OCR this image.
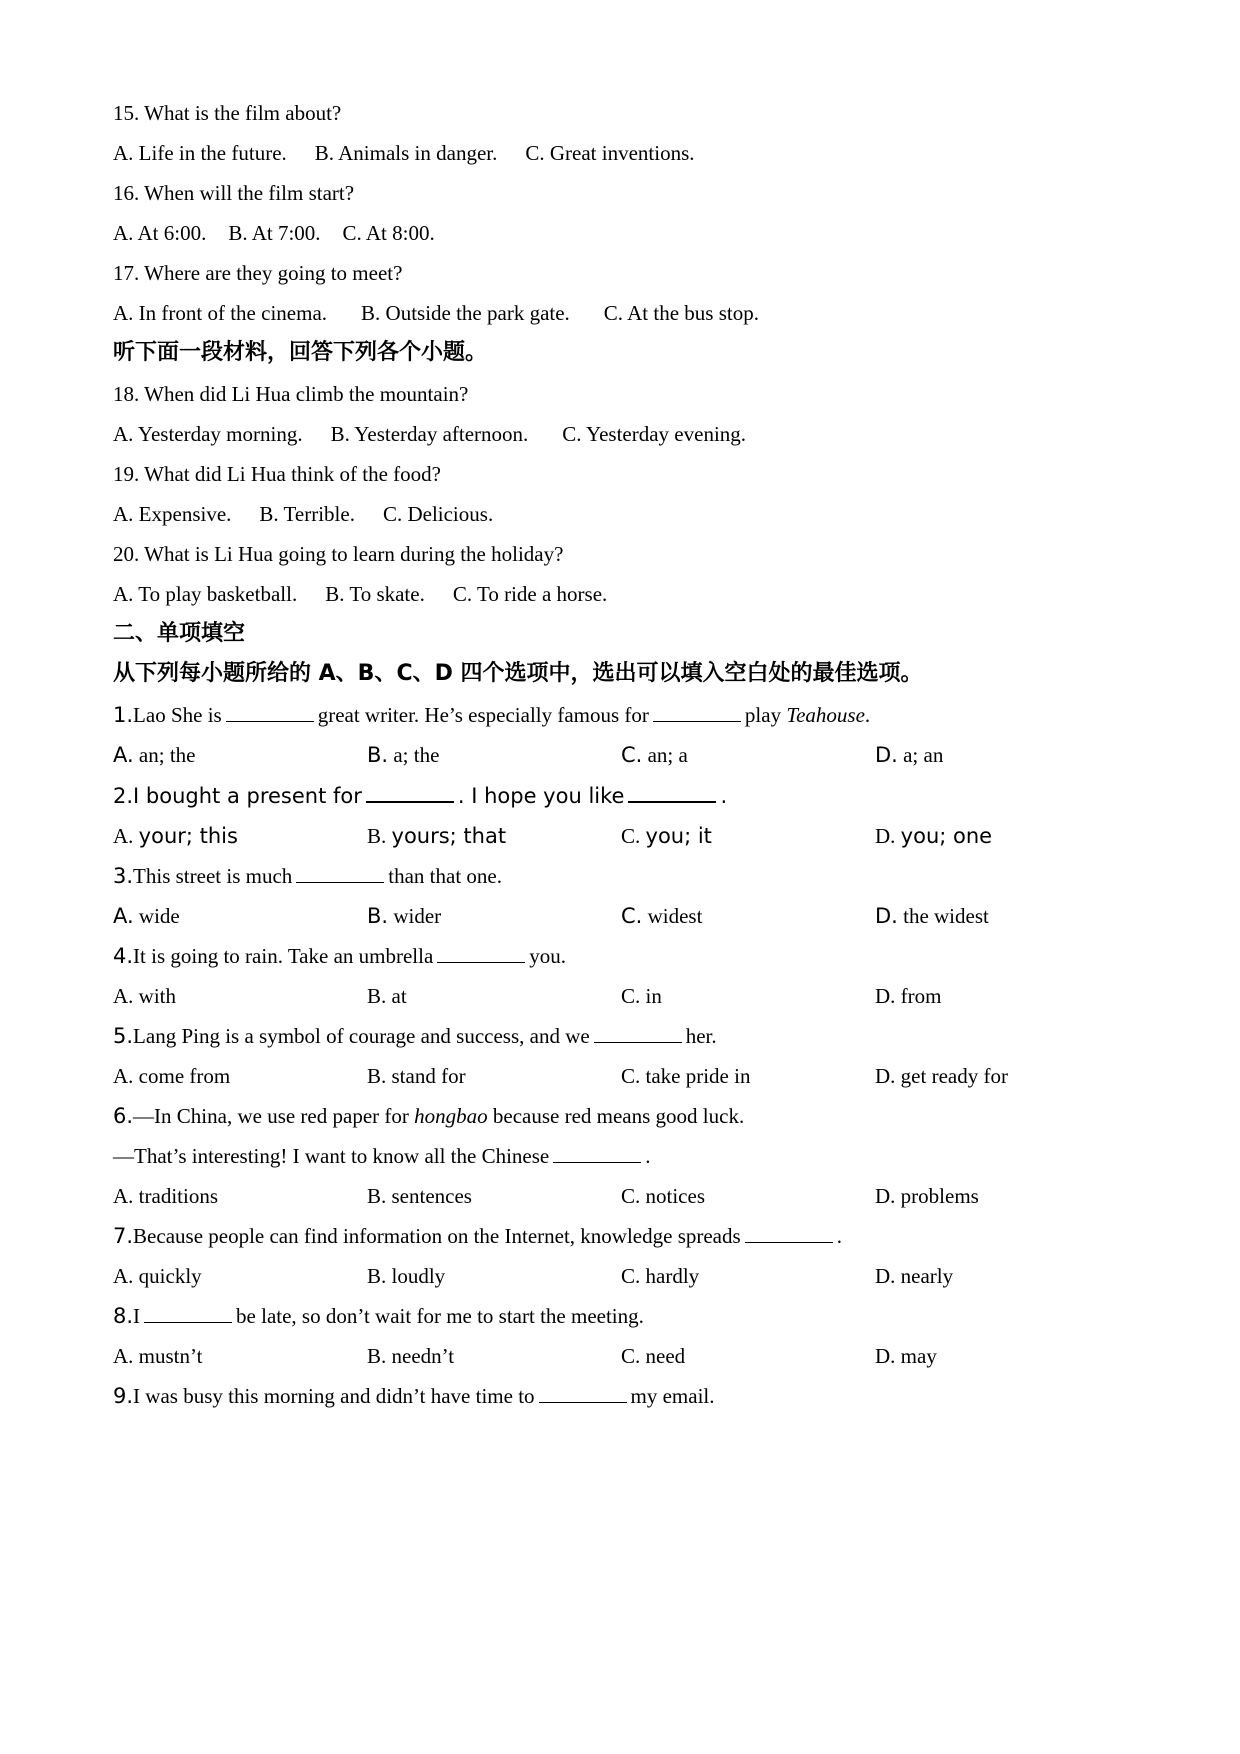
15. What is the film about?
A. Life in the future. B. Animals in danger. C. Great inventions.
16. When will the film start?
A. At 6:00. B. At 7:00. C. At 8:00.
17. Where are they going to meet?
A. In front of the cinema. B. Outside the park gate. C. At the bus stop.
听下面一段材料，回答下列各个小题。
18. When did Li Hua climb the mountain?
A. Yesterday morning. B. Yesterday afternoon. C. Yesterday evening.
19. What did Li Hua think of the food?
A. Expensive. B. Terrible. C. Delicious.
20. What is Li Hua going to learn during the holiday?
A. To play basketball. B. To skate. C. To ride a horse.
二、单项填空
从下列每小题所给的 A、B、C、D 四个选项中，选出可以填入空白处的最佳选项。
1.Lao She is	great writer. He’s especially famous for	play Teahouse.
A. an; the	B. a; the	C. an; a	D. a; an
2.I bought a present for	. I hope you like	.
A. your; this	B. yours; that	C. you; it	D. you; one
3.This street is much	than that one.
A. wide	B. wider	C. widest	D. the widest
4.It is going to rain. Take an umbrella	you.
A. with	B. at	C. in	D. from
5.Lang Ping is a symbol of courage and success, and we	her.
A. come from	B. stand for	C. take pride in	D. get ready for
6.—In China, we use red paper for hongbao because red means good luck.
—That’s interesting! I want to know all the Chinese	.
A. traditions	B. sentences	C. notices	D. problems
7.Because people can find information on the Internet, knowledge spreads	.
A. quickly	B. loudly	C. hardly	D. nearly
8.I	be late, so don’t wait for me to start the meeting.
A. mustn’t	B. needn’t	C. need	D. may
9.I was busy this morning and didn’t have time to	my email.
